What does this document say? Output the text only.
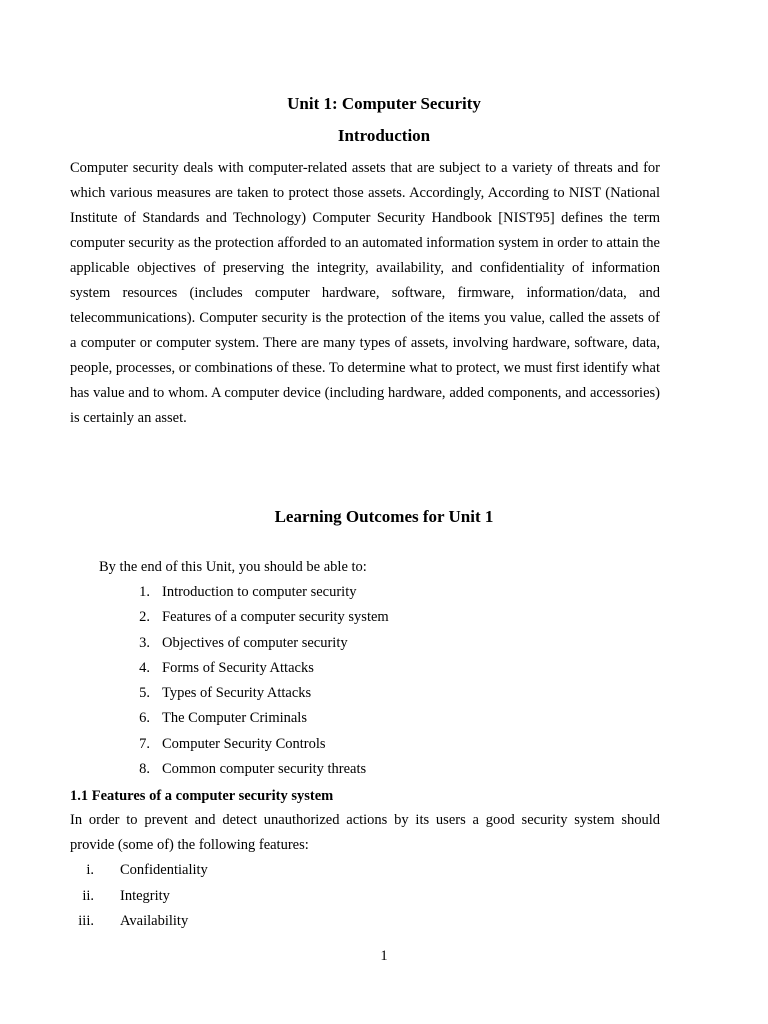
Unit 1: Computer Security
Introduction

Computer security deals with computer-related assets that are subject to a variety of threats and for which various measures are taken to protect those assets. Accordingly, According to NIST (National Institute of Standards and Technology) Computer Security Handbook [NIST95] defines the term computer security as the protection afforded to an automated information system in order to attain the applicable objectives of preserving the integrity, availability, and confidentiality of information system resources (includes computer hardware, software, firmware, information/data, and telecommunications). Computer security is the protection of the items you value, called the assets of a computer or computer system. There are many types of assets, involving hardware, software, data, people, processes, or combinations of these. To determine what to protect, we must first identify what has value and to whom. A computer device (including hardware, added components, and accessories) is certainly an asset.

Learning Outcomes for Unit 1

By the end of this Unit, you should be able to:

1. Introduction to computer security
2. Features of a computer security system
3. Objectives of computer security
4. Forms of Security Attacks
5. Types of Security Attacks
6. The Computer Criminals
7. Computer Security Controls
8. Common computer security threats
1.1 Features of a computer security system

In order to prevent and detect unauthorized actions by its users a good security system should provide (some of) the following features:

i. Confidentiality
ii. Integrity
iii. Availability
1
